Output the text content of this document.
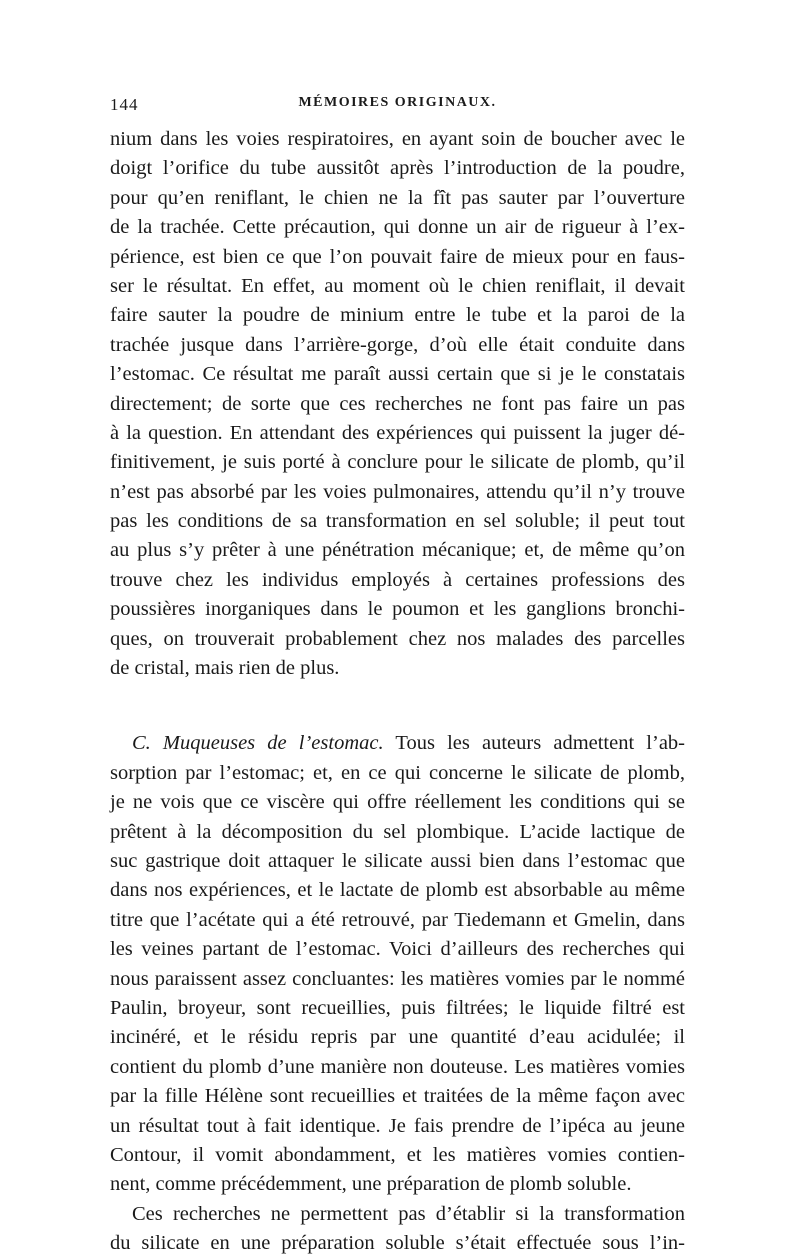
144	MÉMOIRES ORIGINAUX.
nium dans les voies respiratoires, en ayant soin de boucher avec le
doigt l’orifice du tube aussitôt après l’introduction de la poudre,
pour qu’en reniflant, le chien ne la fît pas sauter par l’ouverture
de la trachée. Cette précaution, qui donne un air de rigueur à l’ex-
périence, est bien ce que l’on pouvait faire de mieux pour en faus-
ser le résultat. En effet, au moment où le chien reniflait, il devait
faire sauter la poudre de minium entre le tube et la paroi de la
trachée jusque dans l’arrière-gorge, d’où elle était conduite dans
l’estomac. Ce résultat me paraît aussi certain que si je le constatais
directement; de sorte que ces recherches ne font pas faire un pas
à la question. En attendant des expériences qui puissent la juger dé-
finitivement, je suis porté à conclure pour le silicate de plomb, qu’il
n’est pas absorbé par les voies pulmonaires, attendu qu’il n’y trouve
pas les conditions de sa transformation en sel soluble; il peut tout
au plus s’y prêter à une pénétration mécanique; et, de même qu’on
trouve chez les individus employés à certaines professions des
poussières inorganiques dans le poumon et les ganglions bronchi-
ques, on trouverait probablement chez nos malades des parcelles
de cristal, mais rien de plus.
C. Muqueuses de l’estomac. Tous les auteurs admettent l’ab-
sorption par l’estomac; et, en ce qui concerne le silicate de plomb,
je ne vois que ce viscère qui offre réellement les conditions qui se
prêtent à la décomposition du sel plombique. L’acide lactique de
suc gastrique doit attaquer le silicate aussi bien dans l’estomac que
dans nos expériences, et le lactate de plomb est absorbable au même
titre que l’acétate qui a été retrouvé, par Tiedemann et Gmelin, dans
les veines partant de l’estomac. Voici d’ailleurs des recherches qui
nous paraissent assez concluantes: les matières vomies par le nommé
Paulin, broyeur, sont recueillies, puis filtrées; le liquide filtré est
incinéré, et le résidu repris par une quantité d’eau acidulée; il
contient du plomb d’une manière non douteuse. Les matières vomies
par la fille Hélène sont recueillies et traitées de la même façon avec
un résultat tout à fait identique. Je fais prendre de l’ipéca au jeune
Contour, il vomit abondamment, et les matières vomies contien-
nent, comme précédemment, une préparation de plomb soluble.
Ces recherches ne permettent pas d’établir si la transformation
du silicate en une préparation soluble s’était effectuée sous l’in-
